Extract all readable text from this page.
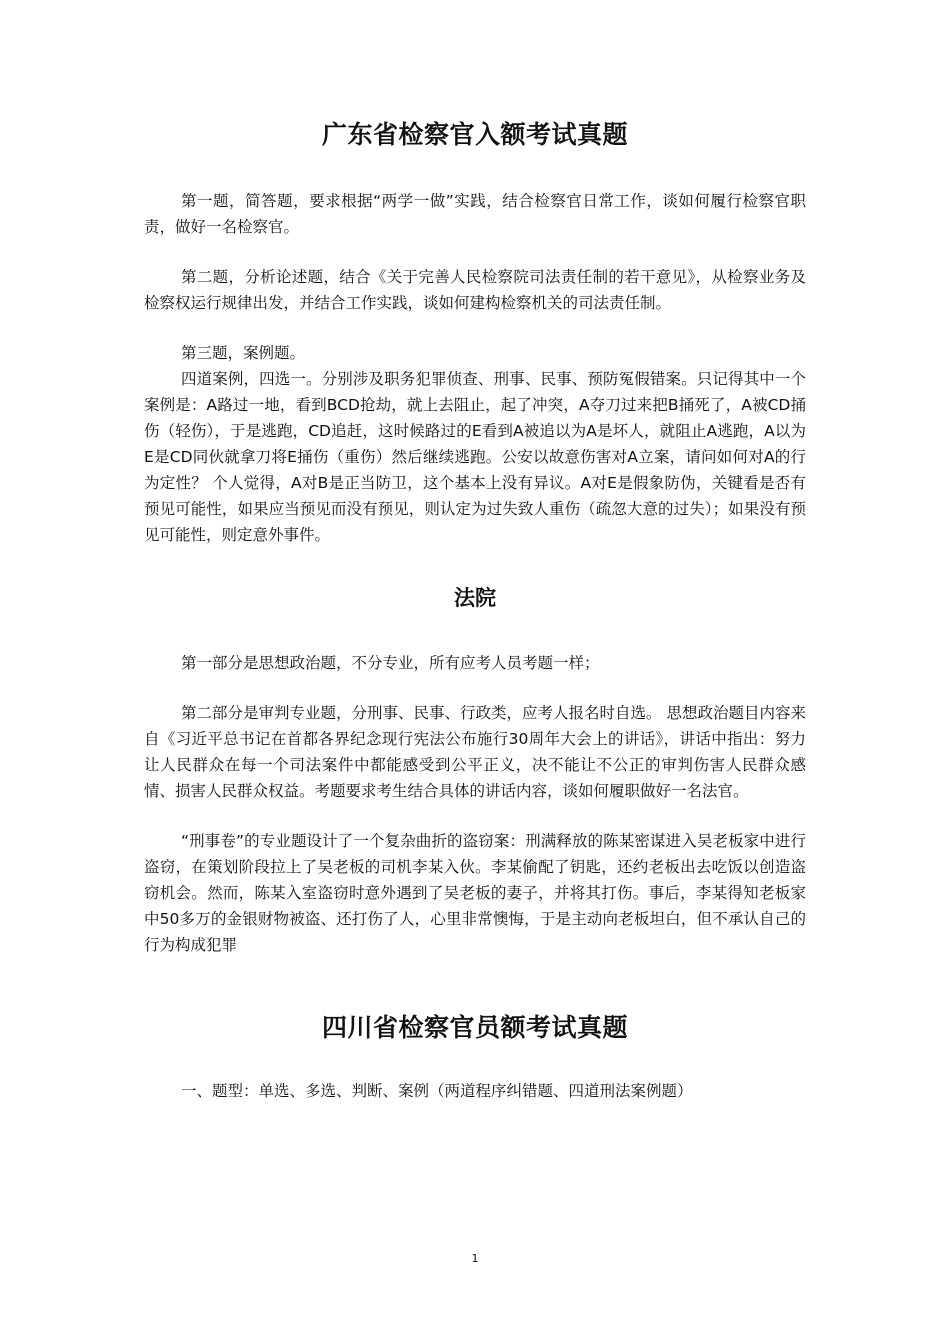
广东省检察官入额考试真题

第一题，简答题，要求根据“两学一做”实践，结合检察官日常工作，谈如何履行检察官职责，做好一名检察官。

第二题，分析论述题，结合《关于完善人民检察院司法责任制的若干意见》，从检察业务及检察权运行规律出发，并结合工作实践，谈如何建构检察机关的司法责任制。

第三题，案例题。

四道案例，四选一。分别涉及职务犯罪侦查、刑事、民事、预防冤假错案。只记得其中一个案例是：A路过一地，看到BCD抢劫，就上去阻止，起了冲突，A夺刀过来把B捅死了，A被CD捅伤（轻伤），于是逃跑，CD追赶，这时候路过的E看到A被追以为A是坏人，就阻止A逃跑，A以为E是CD同伙就拿刀将E捅伤（重伤）然后继续逃跑。公安以故意伤害对A立案，请问如何对A的行为定性？ 个人觉得，A对B是正当防卫，这个基本上没有异议。A对E是假象防伪，关键看是否有预见可能性，如果应当预见而没有预见，则认定为过失致人重伤（疏忽大意的过失）；如果没有预见可能性，则定意外事件。

法院

第一部分是思想政治题，不分专业，所有应考人员考题一样；

第二部分是审判专业题，分刑事、民事、行政类，应考人报名时自选。 思想政治题目内容来自《习近平总书记在首都各界纪念现行宪法公布施行30周年大会上的讲话》，讲话中指出：努力让人民群众在每一个司法案件中都能感受到公平正义，决不能让不公正的审判伤害人民群众感情、损害人民群众权益。考题要求考生结合具体的讲话内容，谈如何履职做好一名法官。

“刑事卷”的专业题设计了一个复杂曲折的盗窃案：刑满释放的陈某密谋进入吴老板家中进行盗窃，在策划阶段拉上了吴老板的司机李某入伙。李某偷配了钥匙，还约老板出去吃饭以创造盗窃机会。然而，陈某入室盗窃时意外遇到了吴老板的妻子，并将其打伤。事后，李某得知老板家中50多万的金银财物被盗、还打伤了人，心里非常懊悔，于是主动向老板坦白，但不承认自己的行为构成犯罪

四川省检察官员额考试真题

一、题型：单选、多选、判断、案例（两道程序纠错题、四道刑法案例题）

1
